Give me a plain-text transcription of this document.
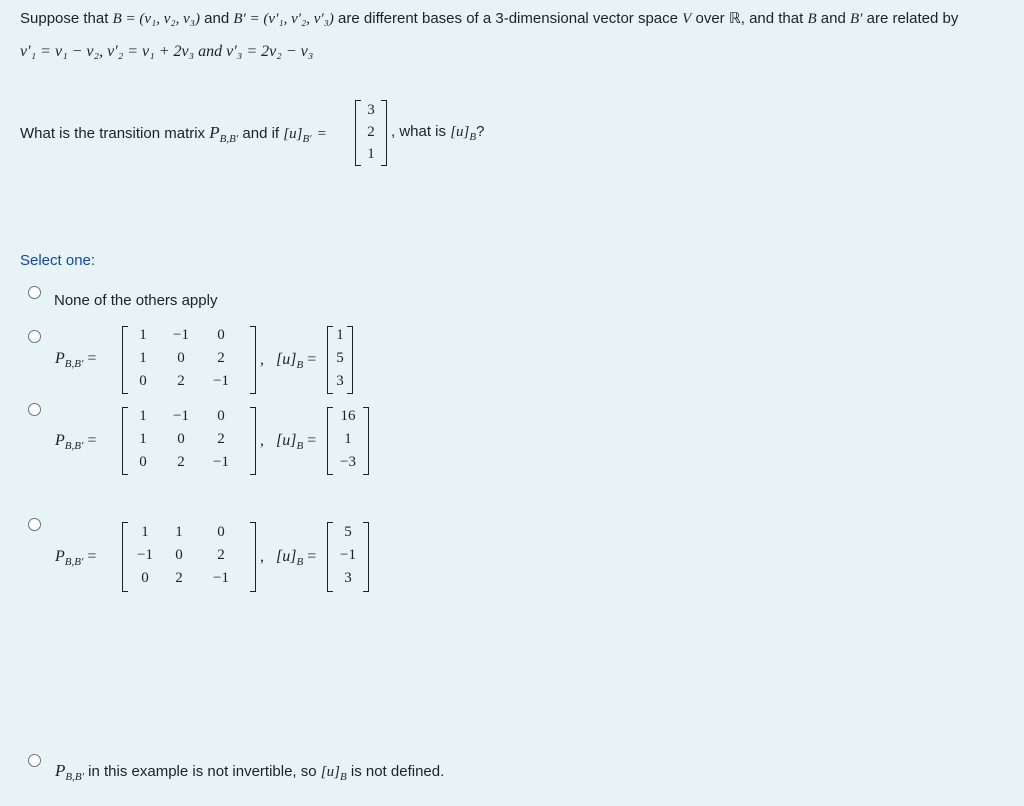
Suppose that B = (v₁, v₂, v₃) and B′ = (v′₁, v′₂, v′₃) are different bases of a 3-dimensional vector space V over ℝ, and that B and B′ are related by
v′₁ = v₁ − v₂, v′₂ = v₁ + 2v₃ and v′₃ = 2v₂ − v₃
What is the transition matrix $P_{B,B'}$ and if $[u]_{B'}$ =
3
2
1
, what is $[u]_B$?
Select one:
None of the others apply
$P_{B,B'}$ =
1	−1	0
1	0	2
0	2	−1
, $[u]_B$ =
1
5
3
$P_{B,B'}$ =
1	−1	0
1	0	2
0	2	−1
, $[u]_B$ =
16
1
−3
$P_{B,B'}$ =
1	1	0
−1	0	2
0	2	−1
, $[u]_B$ =
5
−1
3
$P_{B,B'}$ in this example is not invertible, so $[u]_B$ is not defined.
